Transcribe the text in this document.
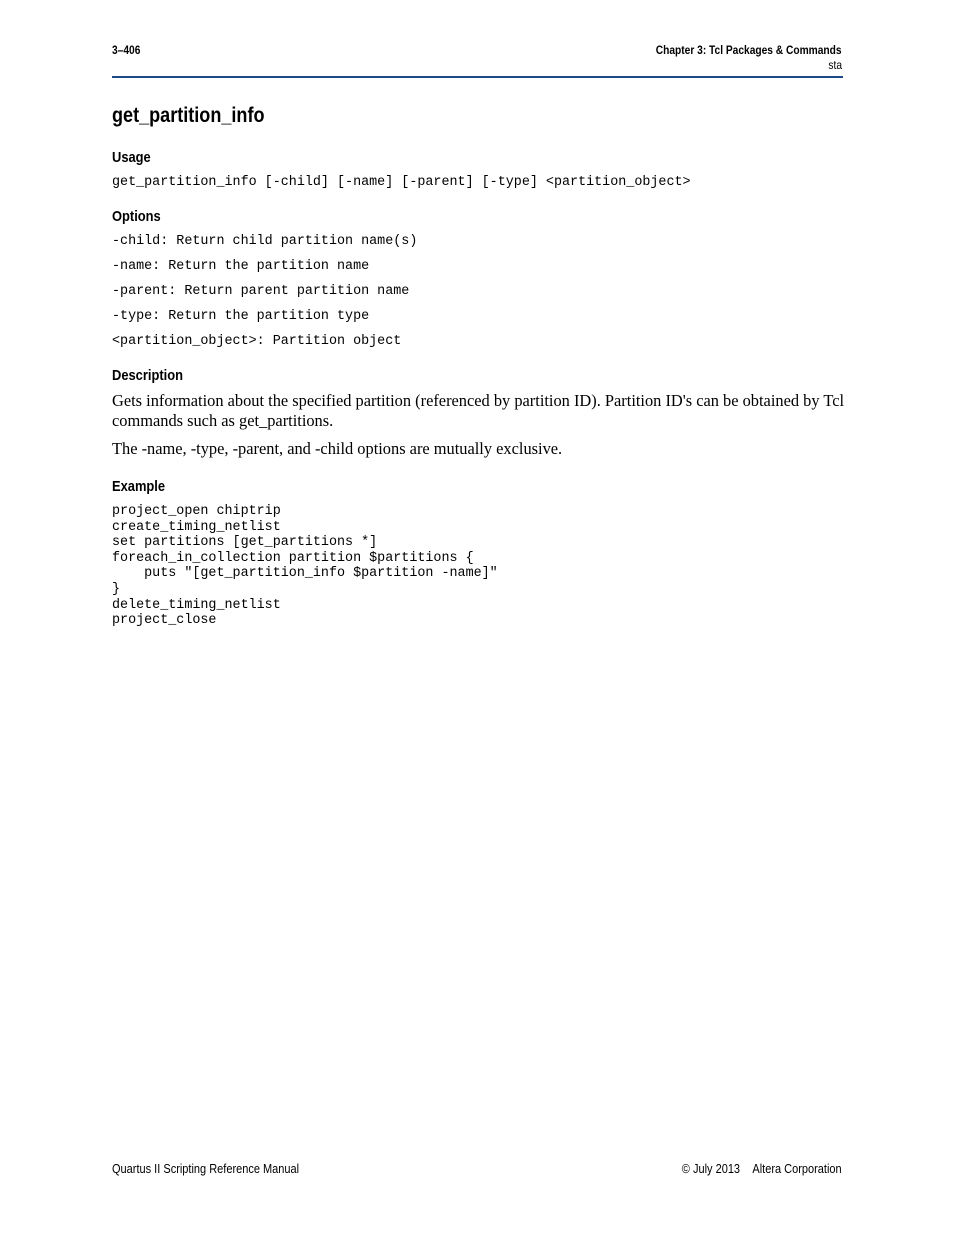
3–406	Chapter 3: Tcl Packages & Commands
sta
get_partition_info
Usage
get_partition_info [-child] [-name] [-parent] [-type] <partition_object>
Options
-child: Return child partition name(s)
-name: Return the partition name
-parent: Return parent partition name
-type: Return the partition type
<partition_object>: Partition object
Description
Gets information about the specified partition (referenced by partition ID). Partition ID's can be obtained by Tcl commands such as get_partitions.
The -name, -type, -parent, and -child options are mutually exclusive.
Example
project_open chiptrip
create_timing_netlist
set partitions [get_partitions *]
foreach_in_collection partition $partitions {
puts "[get_partition_info $partition -name]"
}
delete_timing_netlist
project_close
Quartus II Scripting Reference Manual	© July 2013 Altera Corporation
